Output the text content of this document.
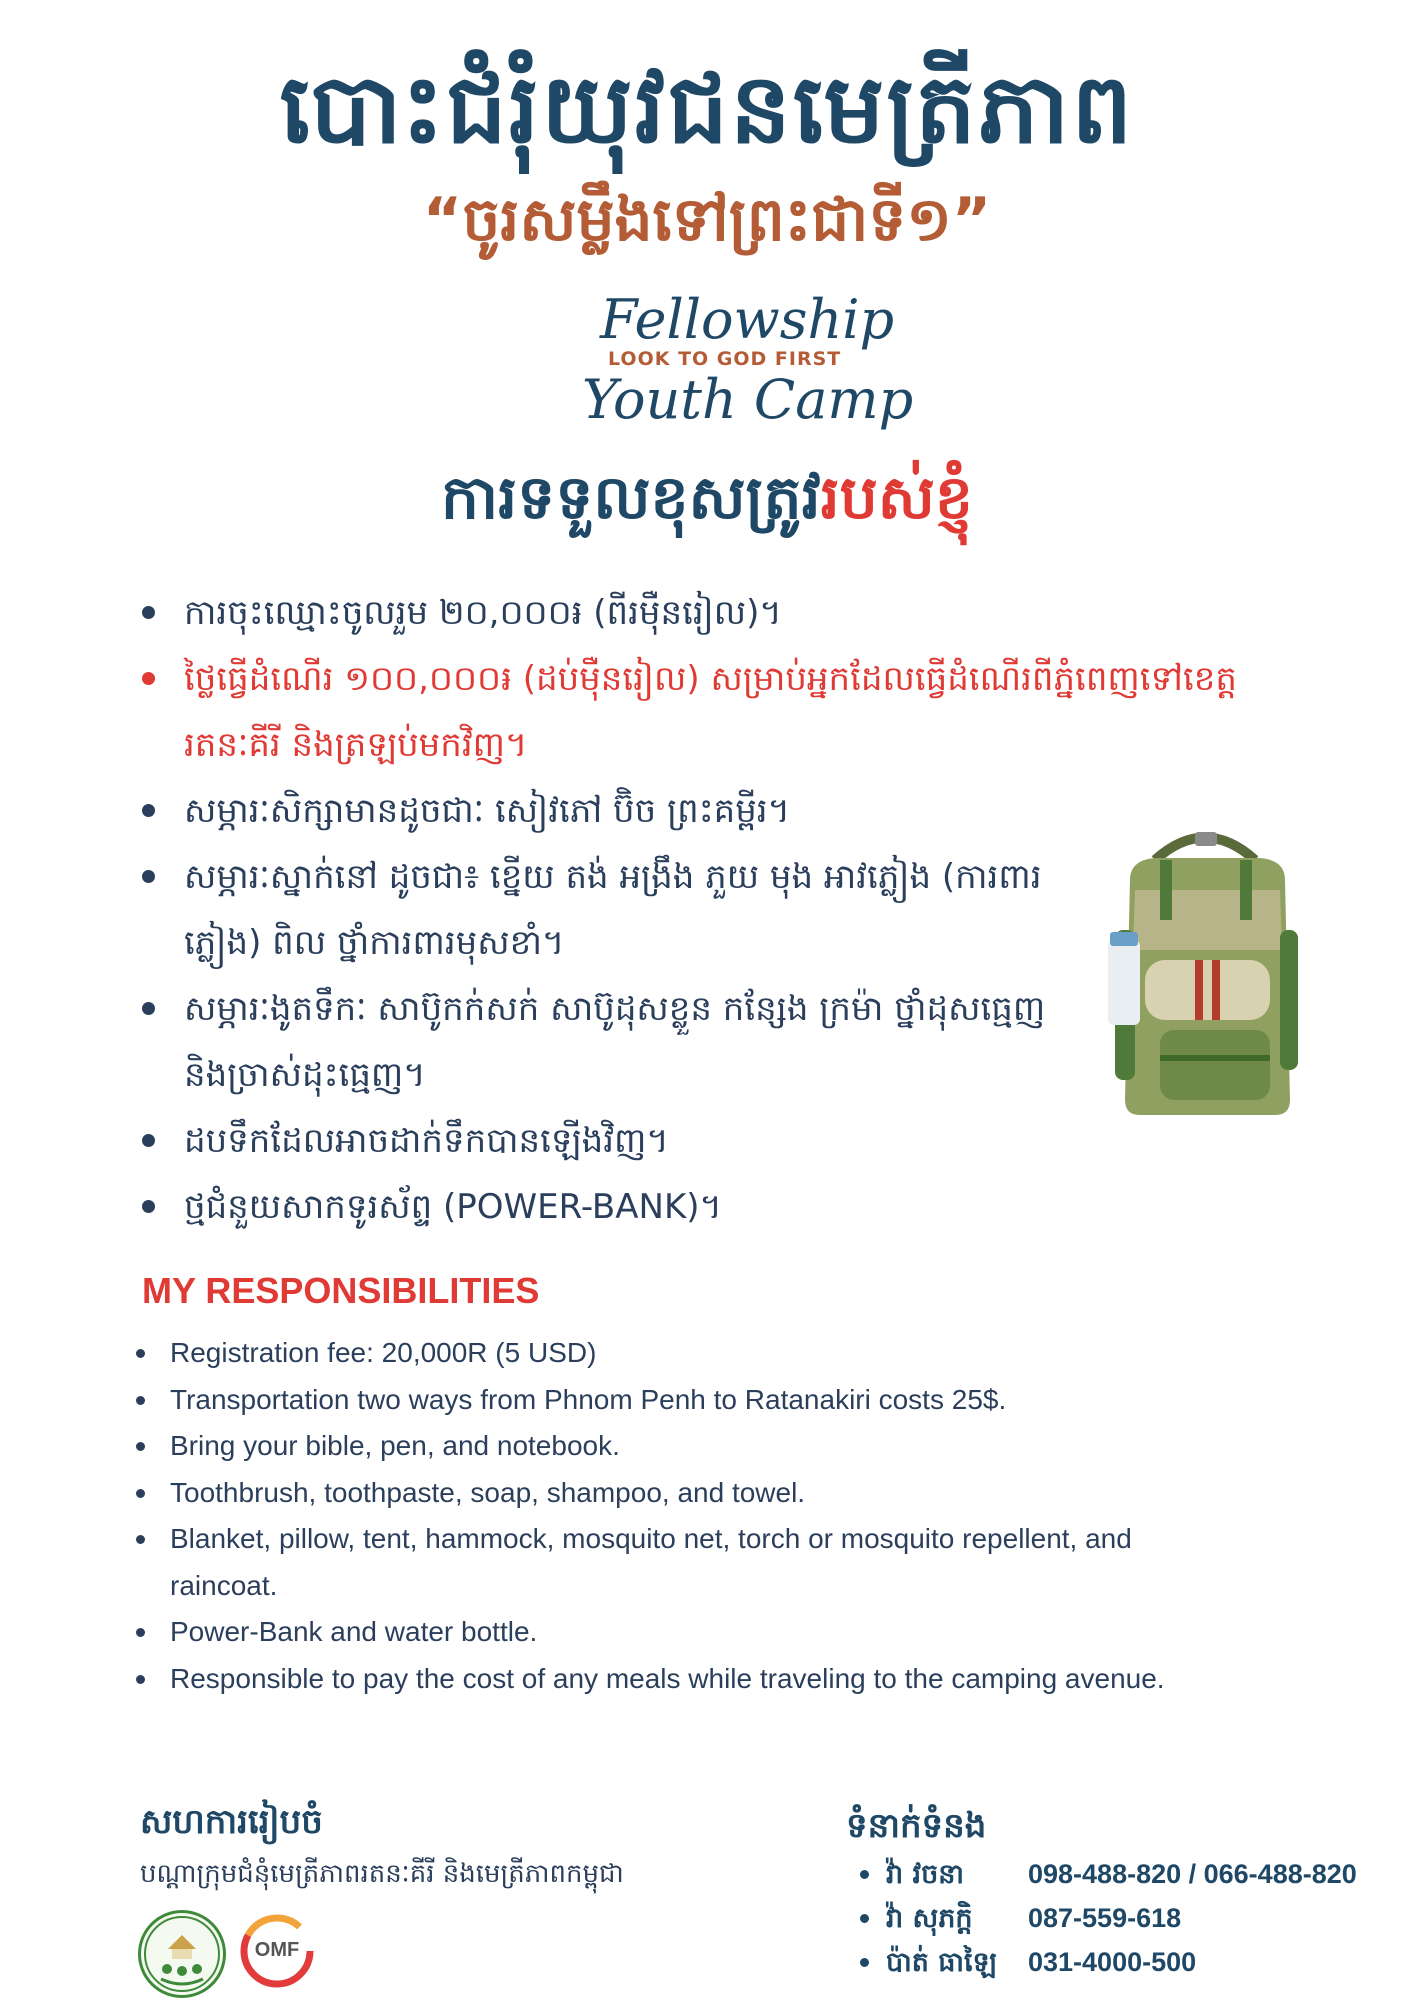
បោះជំរុំយុវជនមេត្រីភាព
“ចូរសម្លឹងទៅព្រះជាទី១”
Fellowship
LOOK TO GOD FIRST
Youth Camp
ការទទួលខុសត្រូវរបស់ខ្ញុំ
ការចុះឈ្មោះចូលរួម ២០,០០០៛ (ពីរម៉ឺនរៀល)។
ថ្លៃធ្វើដំណើរ ១០០,០០០៛ (ដប់ម៉ឺនរៀល) សម្រាប់អ្នកដែលធ្វើដំណើរពីភ្នំពេញទៅខេត្តរតនៈគីរី និងត្រឡប់មកវិញ។
សម្ភារៈសិក្សាមានដូចជាៈ សៀវភៅ ប៊ិច ព្រះគម្ពីរ។
សម្ភារៈស្នាក់នៅ ដូចជា៖ ខ្នើយ តង់ អង្រឹង ភួយ មុង អាវភ្លៀង (ការពារភ្លៀង) ពិល ថ្នាំការពារមុសខាំ។
សម្ភារៈងូតទឹកៈ សាប៊ូកក់សក់ សាប៊ូដុសខ្លួន កន្សែង ក្រម៉ា ថ្នាំដុសធ្មេញ និងច្រាស់ដុះធ្មេញ។
ដបទឹកដែលអាចដាក់ទឹកបានឡើងវិញ។
ថ្មជំនួយសាកទូរស័ព្ទ (POWER-BANK)។
MY RESPONSIBILITIES
Registration fee: 20,000R (5 USD)
Transportation two ways from Phnom Penh to Ratanakiri costs 25$.
Bring your bible, pen, and notebook.
Toothbrush, toothpaste, soap, shampoo, and towel.
Blanket, pillow, tent, hammock, mosquito net, torch or mosquito repellent, and raincoat.
Power-Bank and water bottle.
Responsible to pay the cost of any meals while traveling to the camping avenue.
សហការរៀបចំ
បណ្ដាក្រុមជំនុំមេត្រីភាពរតនៈគីរី និងមេត្រីភាពកម្ពុជា
OMF
ទំនាក់ទំនង
វ៉ា វចនា 098-488-820 / 066-488-820
វ៉ា សុភក្តិ 087-559-618
ប៉ាត់ ធាឡៃ 031-4000-500
